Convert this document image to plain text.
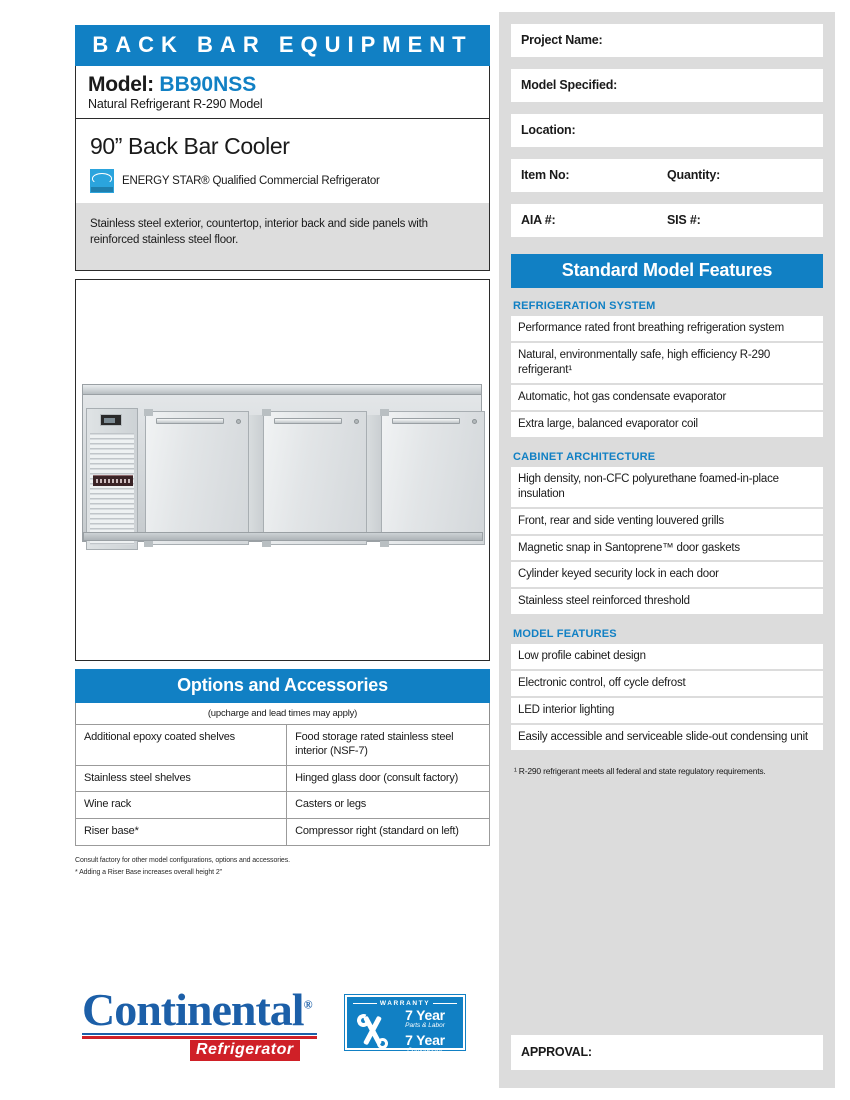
BACK BAR EQUIPMENT
Model: BB90NSS
Natural Refrigerant R-290 Model
90” Back Bar Cooler
ENERGY STAR® Qualified Commercial Refrigerator
Stainless steel exterior, countertop, interior back and side panels with reinforced stainless steel floor.
Options and Accessories
(upcharge and lead times may apply)
Additional epoxy coated shelves	Food storage rated stainless steel interior (NSF-7)
Stainless steel shelves	Hinged glass door (consult factory)
Wine rack	Casters or legs
Riser base*	Compressor right (standard on left)
Consult factory for other model configurations, options and accessories.
* Adding a Riser Base increases overall height 2”
Continental®
Refrigerator
WARRANTY
7 Year
Parts & Labor
7 Year
Compressor
Project Name:
Model Specified:
Location:
Item No:	Quantity:
AIA #:	SIS #:
Standard Model Features
REFRIGERATION SYSTEM
Performance rated front breathing refrigeration system
Natural, environmentally safe, high efficiency R-290 refrigerant¹
Automatic, hot gas condensate evaporator
Extra large, balanced evaporator coil
CABINET ARCHITECTURE
High density, non-CFC polyurethane foamed-in-place insulation
Front, rear and side venting louvered grills
Magnetic snap in Santoprene™ door gaskets
Cylinder keyed security lock in each door
Stainless steel reinforced threshold
MODEL FEATURES
Low profile cabinet design
Electronic control, off cycle defrost
LED interior lighting
Easily accessible and serviceable slide-out condensing unit
¹ R-290 refrigerant meets all federal and state regulatory requirements.
APPROVAL:
